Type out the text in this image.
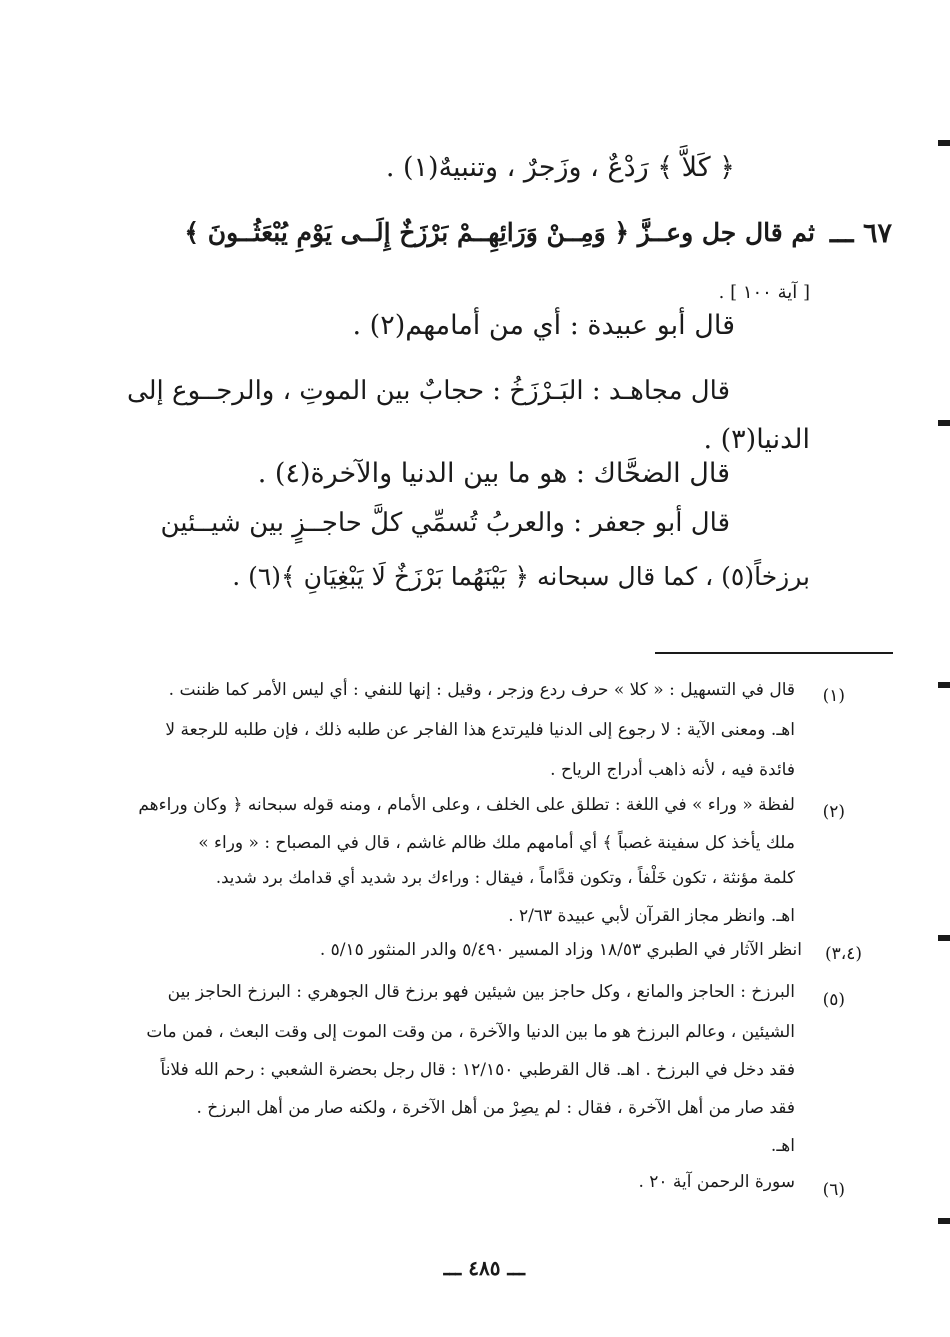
﴿ كَلاَّ ﴾ رَدْعٌ ، وزَجرٌ ، وتنبيهٌ(١) .
٦٧ ـــ
ثم قال جل وعــزَّ ﴿ وَمِــنْ وَرَائِهِــمْ بَرْزَخٌ إِلَــى يَوْمِ يُبْعَثُــونَ ﴾
[ آية ١٠٠ ] .
قال أبو عبيدة : أي من أمامهم(٢) .
قال مجاهـد : البَـرْزَخُ : حجابٌ بين الموتِ ، والرجــوع إلى
الدنيا(٣) .
قال الضحَّاك : هو ما بين الدنيا والآخرة(٤) .
قال أبو جعفر : والعربُ تُسمِّي كلَّ حاجــزٍ بين شيــئين
برزخاً(٥) ، كما قال سبحانه ﴿ بَيْنَهُما بَرْزَخٌ لَا يَبْغِيَانِ ﴾(٦) .
(١)
قال في التسهيل : « كلا » حرف ردع وزجر ، وقيل : إنها للنفي : أي ليس الأمر كما ظننت .
اهـ. ومعنى الآية : لا رجوع إلى الدنيا فليرتدع هذا الفاجر عن طلبه ذلك ، فإن طلبه للرجعة لا
فائدة فيه ، لأنه ذاهب أدراج الرياح .
(٢)
لفظة « وراء » في اللغة : تطلق على الخلف ، وعلى الأمام ، ومنه قوله سبحانه ﴿ وكان وراءهم
ملك يأخذ كل سفينة غصباً ﴾ أي أمامهم ملك ظالم غاشم ، قال في المصباح : « وراء »
كلمة مؤنثة ، تكون خَلْفاً ، وتكون قدَّاماً ، فيقال : وراءك برد شديد أي قدامك برد شديد.
اهـ. وانظر مجاز القرآن لأبي عبيدة ٢/٦٣ .
(٣،٤)
انظر الآثار في الطبري ١٨/٥٣ وزاد المسير ٥/٤٩٠ والدر المنثور ٥/١٥ .
(٥)
البرزخ : الحاجز والمانع ، وكل حاجز بين شيئين فهو برزخ قال الجوهري : البرزخ الحاجز بين
الشيئين ، وعالم البرزخ هو ما بين الدنيا والآخرة ، من وقت الموت إلى وقت البعث ، فمن مات
فقد دخل في البرزخ . اهـ. قال القرطبي ١٢/١٥٠ : قال رجل بحضرة الشعبي : رحم الله فلاناً
فقد صار من أهل الآخرة ، فقال : لم يصِرْ من أهل الآخرة ، ولكنه صار من أهل البرزخ .
اهـ.
(٦)
سورة الرحمن آية ٢٠ .
ـــ ٤٨٥ ـــ
